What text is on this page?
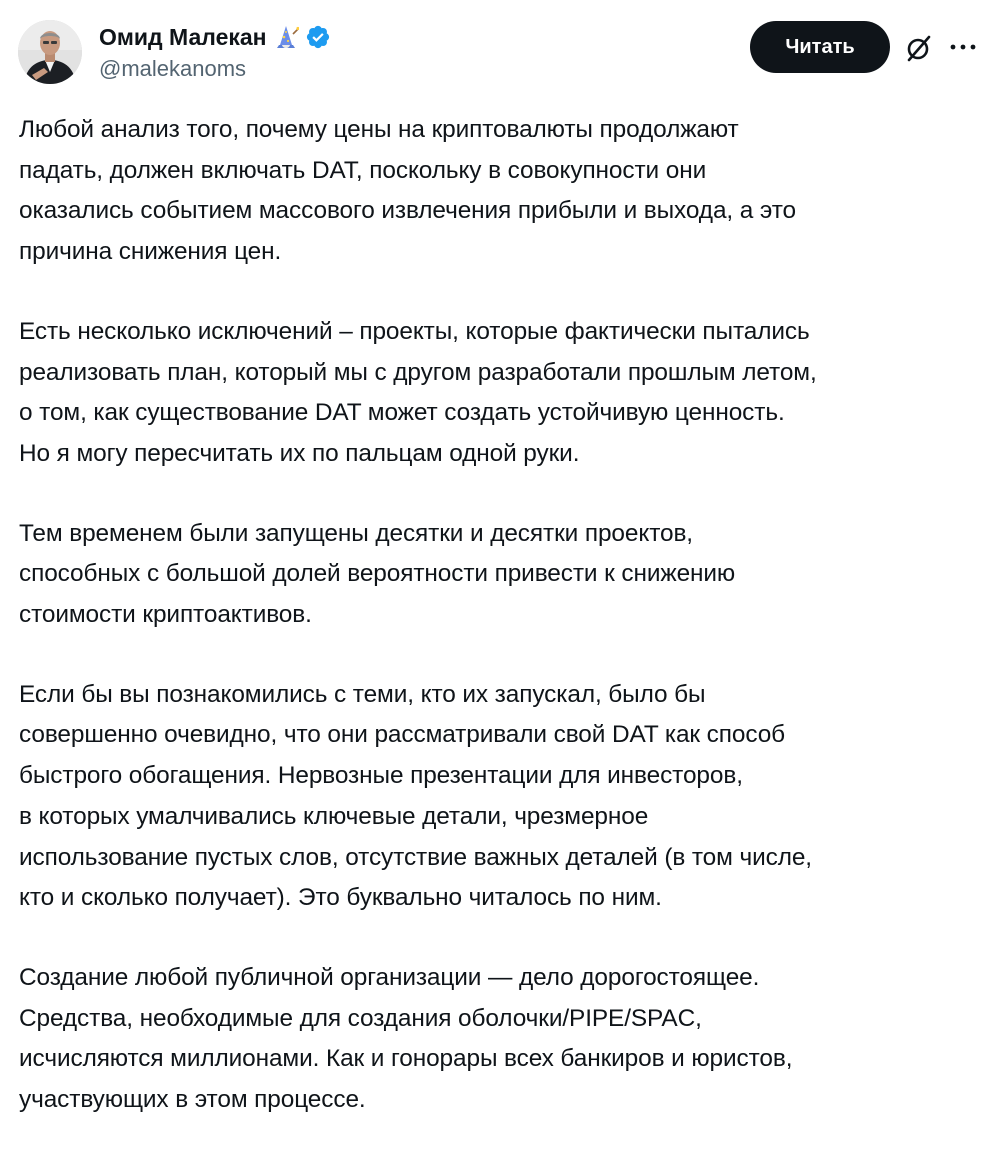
Омид Малекан
@malekanoms
Читать

Любой анализ того, почему цены на криптовалюты продолжают
падать, должен включать DAT, поскольку в совокупности они
оказались событием массового извлечения прибыли и выхода, а это
причина снижения цен.

Есть несколько исключений – проекты, которые фактически пытались
реализовать план, который мы с другом разработали прошлым летом,
о том, как существование DAT может создать устойчивую ценность.
Но я могу пересчитать их по пальцам одной руки.

Тем временем были запущены десятки и десятки проектов,
способных с большой долей вероятности привести к снижению
стоимости криптоактивов.

Если бы вы познакомились с теми, кто их запускал, было бы
совершенно очевидно, что они рассматривали свой DAT как способ
быстрого обогащения. Нервозные презентации для инвесторов,
в которых умалчивались ключевые детали, чрезмерное
использование пустых слов, отсутствие важных деталей (в том числе,
кто и сколько получает). Это буквально читалось по ним.

Создание любой публичной организации — дело дорогостоящее.
Средства, необходимые для создания оболочки/PIPE/SPAC,
исчисляются миллионами. Как и гонорары всех банкиров и юристов,
участвующих в этом процессе.
